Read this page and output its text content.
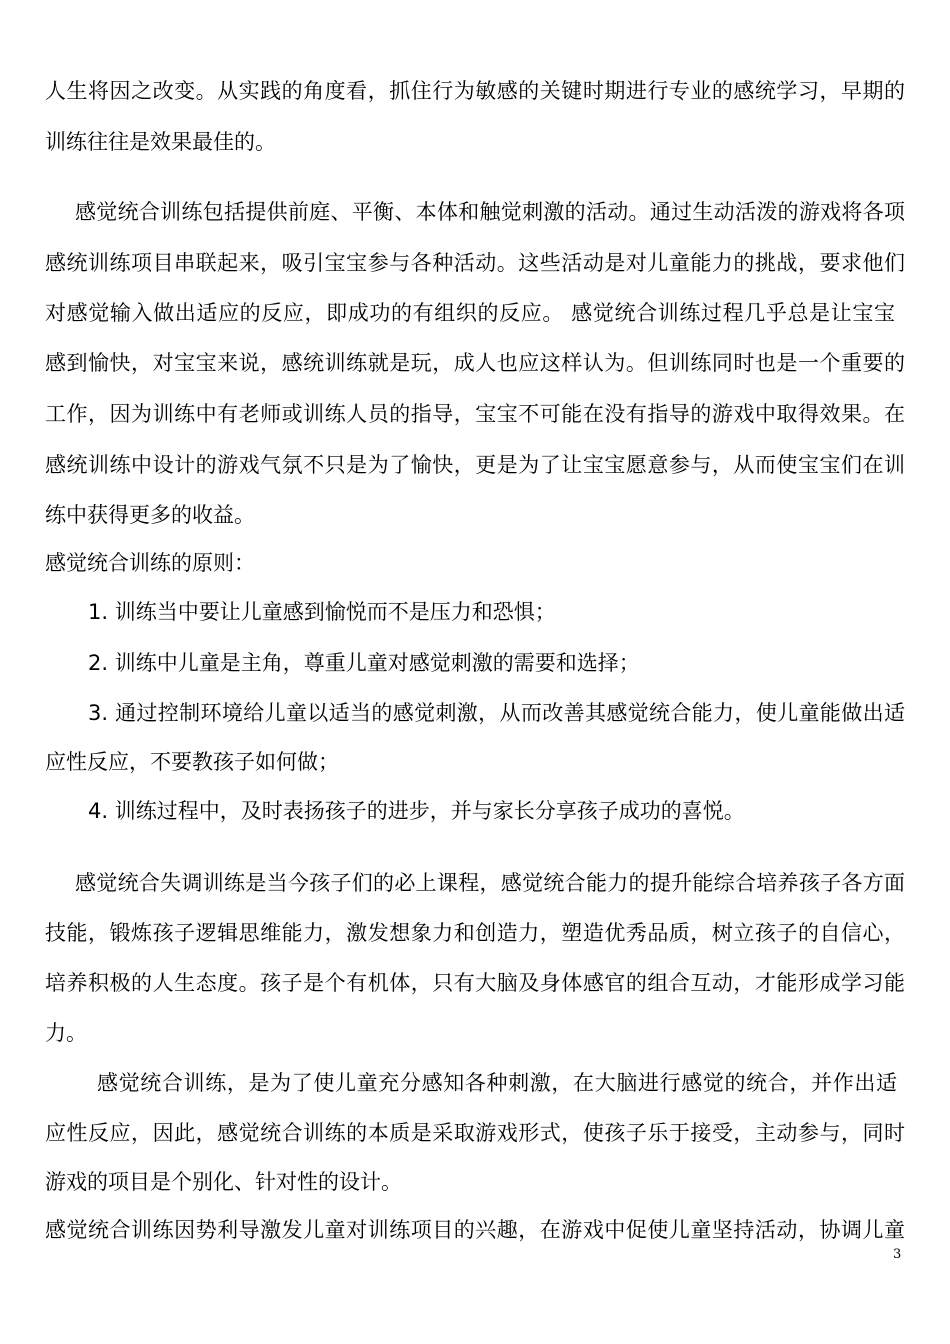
人生将因之改变。从实践的角度看，抓住行为敏感的关键时期进行专业的感统学习，早期的
训练往往是效果最佳的。
感觉统合训练包括提供前庭、平衡、本体和触觉刺激的活动。通过生动活泼的游戏将各项
感统训练项目串联起来，吸引宝宝参与各种活动。这些活动是对儿童能力的挑战，要求他们
对感觉输入做出适应的反应，即成功的有组织的反应。 感觉统合训练过程几乎总是让宝宝
感到愉快，对宝宝来说，感统训练就是玩，成人也应这样认为。但训练同时也是一个重要的
工作，因为训练中有老师或训练人员的指导，宝宝不可能在没有指导的游戏中取得效果。在
感统训练中设计的游戏气氛不只是为了愉快，更是为了让宝宝愿意参与，从而使宝宝们在训
练中获得更多的收益。
感觉统合训练的原则：
1. 训练当中要让儿童感到愉悦而不是压力和恐惧；
2. 训练中儿童是主角，尊重儿童对感觉刺激的需要和选择；
3. 通过控制环境给儿童以适当的感觉刺激，从而改善其感觉统合能力，使儿童能做出适
应性反应，不要教孩子如何做；
4. 训练过程中，及时表扬孩子的进步，并与家长分享孩子成功的喜悦。
感觉统合失调训练是当今孩子们的必上课程，感觉统合能力的提升能综合培养孩子各方面
技能，锻炼孩子逻辑思维能力，激发想象力和创造力，塑造优秀品质，树立孩子的自信心，
培养积极的人生态度。孩子是个有机体，只有大脑及身体感官的组合互动，才能形成学习能
力。
感觉统合训练，是为了使儿童充分感知各种刺激，在大脑进行感觉的统合，并作出适
应性反应，因此，感觉统合训练的本质是采取游戏形式，使孩子乐于接受，主动参与，同时
游戏的项目是个别化、针对性的设计。
感觉统合训练因势利导激发儿童对训练项目的兴趣，在游戏中促使儿童坚持活动，协调儿童
3
